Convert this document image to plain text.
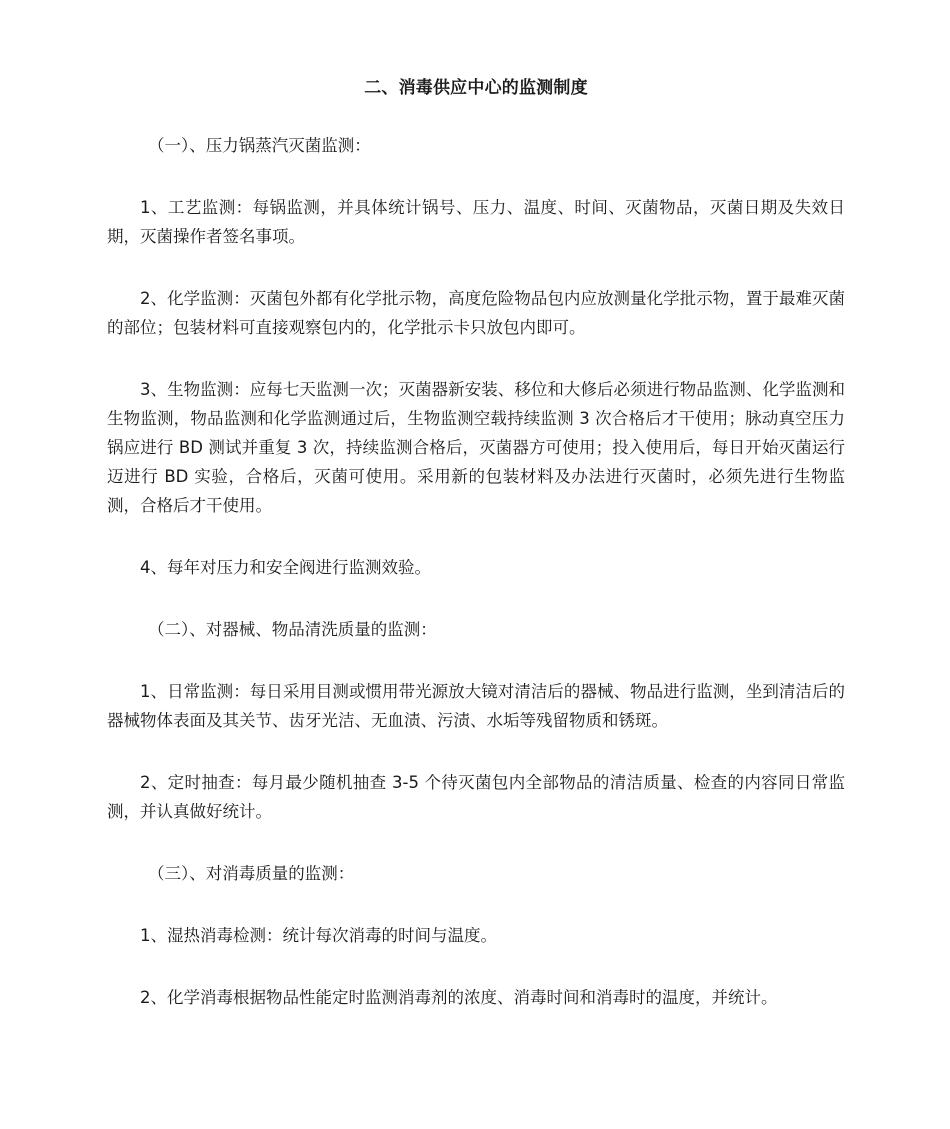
二、消毒供应中心的监测制度
（一）、压力锅蒸汽灭菌监测：
1、工艺监测：每锅监测，并具体统计锅号、压力、温度、时间、灭菌物品，灭菌日期及失效日期，灭菌操作者签名事项。
2、化学监测：灭菌包外都有化学批示物，高度危险物品包内应放测量化学批示物，置于最难灭菌的部位；包装材料可直接观察包内的，化学批示卡只放包内即可。
3、生物监测：应每七天监测一次；灭菌器新安装、移位和大修后必须进行物品监测、化学监测和生物监测，物品监测和化学监测通过后，生物监测空载持续监测 3 次合格后才干使用；脉动真空压力锅应进行 BD 测试并重复 3 次，持续监测合格后，灭菌器方可使用；投入使用后，每日开始灭菌运行迈进行 BD 实验，合格后，灭菌可使用。采用新的包装材料及办法进行灭菌时，必须先进行生物监测，合格后才干使用。
4、每年对压力和安全阀进行监测效验。
（二）、对器械、物品清洗质量的监测：
1、日常监测：每日采用目测或惯用带光源放大镜对清洁后的器械、物品进行监测，坐到清洁后的器械物体表面及其关节、齿牙光洁、无血渍、污渍、水垢等残留物质和锈斑。
2、定时抽查：每月最少随机抽查 3-5 个待灭菌包内全部物品的清洁质量、检查的内容同日常监测，并认真做好统计。
（三）、对消毒质量的监测：
1、湿热消毒检测：统计每次消毒的时间与温度。
2、化学消毒根据物品性能定时监测消毒剂的浓度、消毒时间和消毒时的温度，并统计。
